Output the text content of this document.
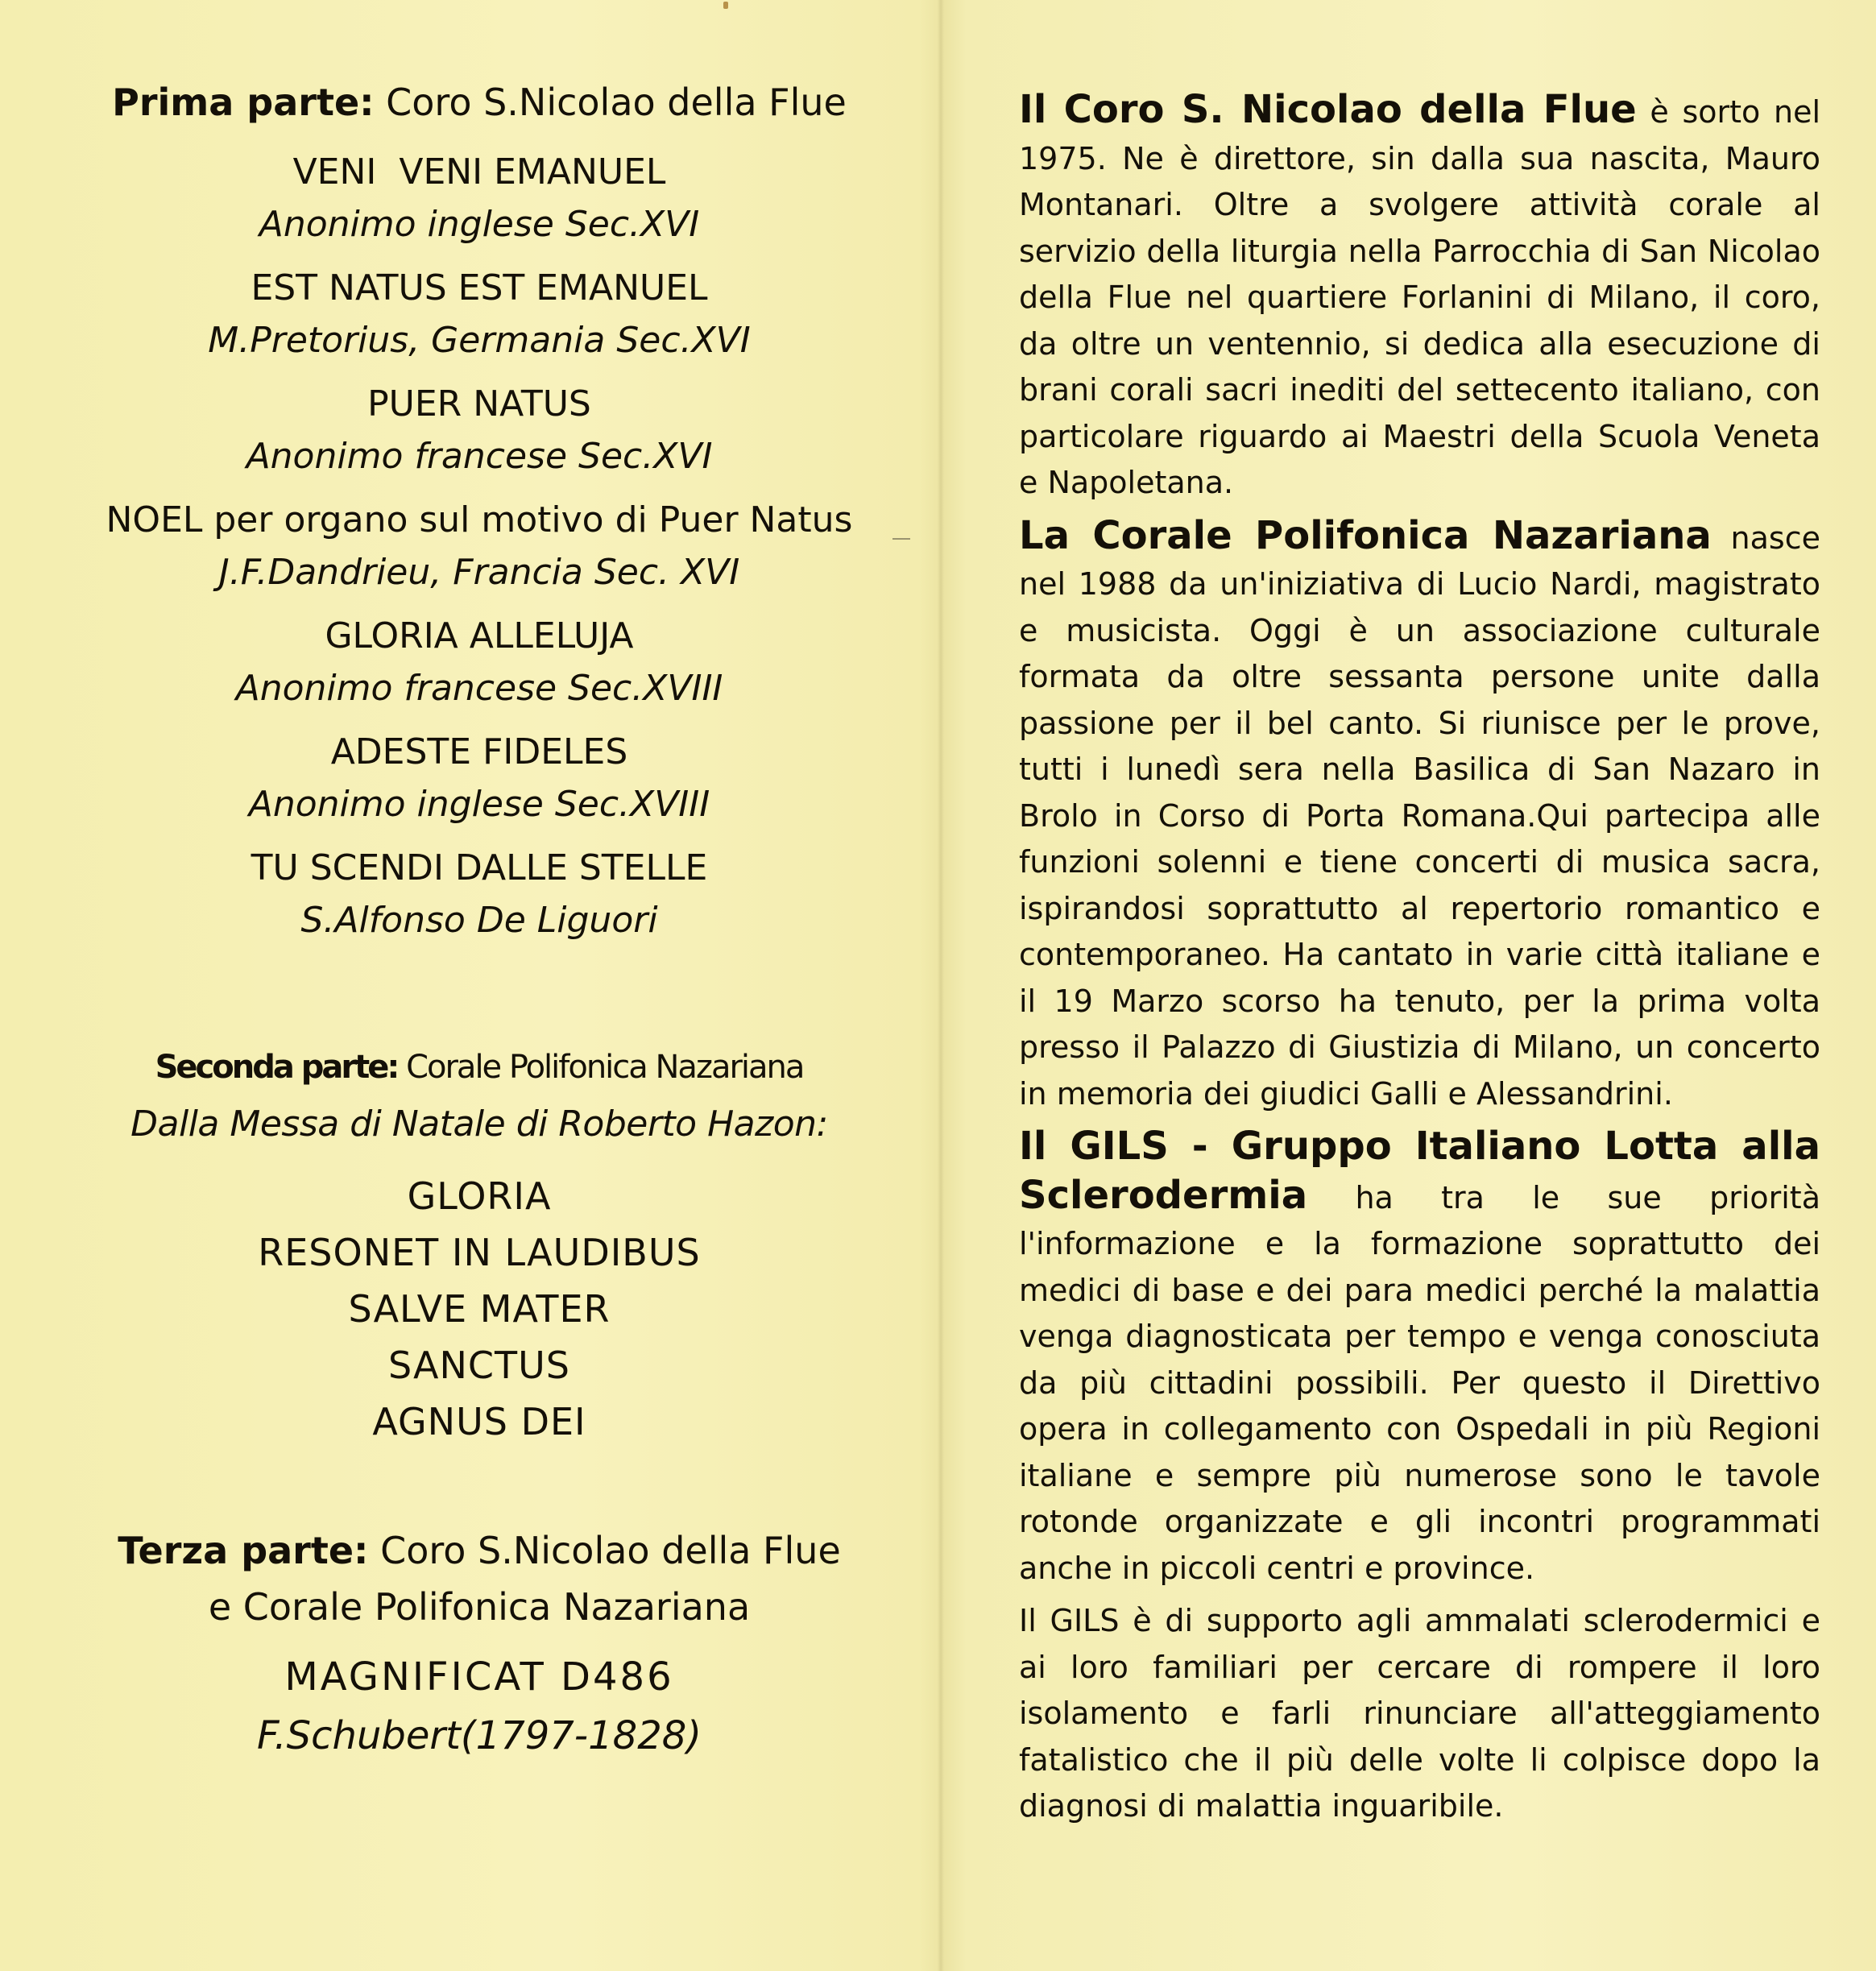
Prima parte: Coro S.Nicolao della Flue
VENI  VENI EMANUEL
Anonimo inglese Sec.XVI
EST NATUS EST EMANUEL
M.Pretorius, Germania Sec.XVI
PUER NATUS
Anonimo francese Sec.XVI
NOEL per organo sul motivo di Puer Natus
J.F.Dandrieu, Francia Sec. XVI
GLORIA ALLELUJA
Anonimo francese Sec.XVIII
ADESTE FIDELES
Anonimo inglese Sec.XVIII
TU SCENDI DALLE STELLE
S.Alfonso De Liguori
Seconda parte: Corale Polifonica Nazariana
Dalla Messa di Natale di Roberto Hazon:
GLORIA
RESONET IN LAUDIBUS
SALVE MATER
SANCTUS
AGNUS DEI
Terza parte: Coro S.Nicolao della Flue
e Corale Polifonica Nazariana
MAGNIFICAT D486
F.Schubert(1797-1828)

Il Coro S. Nicolao della Flue è sorto nel 1975. Ne è direttore, sin dalla sua nascita, Mauro Montanari. Oltre a svolgere attività corale al servizio della liturgia nella Parrocchia di San Nicolao della Flue nel quartiere Forlanini di Milano, il coro, da oltre un ventennio, si dedica alla esecuzione di brani corali sacri inediti del settecento italiano, con particolare riguardo ai Maestri della Scuola Veneta e Napoletana.

La Corale Polifonica Nazariana nasce nel 1988 da un'iniziativa di Lucio Nardi, magistrato e musicista. Oggi è un associazione culturale formata da oltre sessanta persone unite dalla passione per il bel canto. Si riunisce per le prove, tutti i lunedì sera nella Basilica di San Nazaro in Brolo in Corso di Porta Romana.Qui partecipa alle funzioni solenni e tiene concerti di musica sacra, ispirandosi soprattutto al repertorio romantico e contemporaneo. Ha cantato in varie città italiane e il 19 Marzo scorso ha tenuto, per la prima volta presso il Palazzo di Giustizia di Milano, un concerto in memoria dei giudici Galli e Alessandrini.

Il GILS - Gruppo Italiano Lotta alla Sclerodermia ha tra le sue priorità l'informazione e la formazione soprattutto dei medici di base e dei para medici perché la malattia venga diagnosticata per tempo e venga conosciuta da più cittadini possibili. Per questo il Direttivo opera in collegamento con Ospedali in più Regioni italiane e sempre più numerose sono le tavole rotonde organizzate e gli incontri programmati anche in piccoli centri e province.

Il GILS è di supporto agli ammalati sclerodermici e ai loro familiari per cercare di rompere il loro isolamento e farli rinunciare all'atteggiamento fatalistico che il più delle volte li colpisce dopo la diagnosi di malattia inguaribile.
